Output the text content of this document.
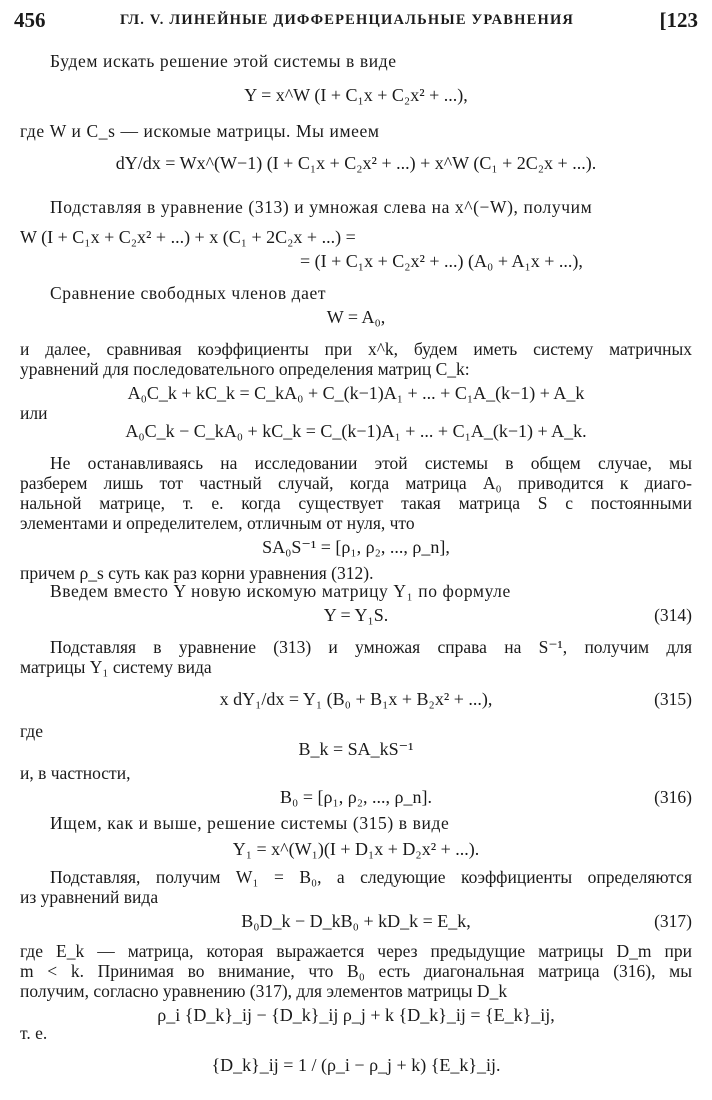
456	ГЛ. V. ЛИНЕЙНЫЕ ДИФФЕРЕНЦИАЛЬНЫЕ УРАВНЕНИЯ	[123
Будем искать решение этой системы в виде
Y = x^W (I + C₁x + C₂x² + ...),
где W и C_s — искомые матрицы. Мы имеем
dY/dx = Wx^(W−1) (I + C₁x + C₂x² + ...) + x^W (C₁ + 2C₂x + ...).
Подставляя в уравнение (313) и умножая слева на x^(−W), получим
W (I + C₁x + C₂x² + ...) + x (C₁ + 2C₂x + ...) =
= (I + C₁x + C₂x² + ...) (A₀ + A₁x + ...),
Сравнение свободных членов дает
W = A₀,
и далее, сравнивая коэффициенты при x^k, будем иметь систему матричных
уравнений для последовательного определения матриц C_k:
A₀C_k + kC_k = C_kA₀ + C_(k−1)A₁ + ... + C₁A_(k−1) + A_k
или
A₀C_k − C_kA₀ + kC_k = C_(k−1)A₁ + ... + C₁A_(k−1) + A_k.
Не останавливаясь на исследовании этой системы в общем случае, мы
разберем лишь тот частный случай, когда матрица A₀ приводится к диаго-
нальной матрице, т. е. когда существует такая матрица S с постоянными
элементами и определителем, отличным от нуля, что
SA₀S⁻¹ = [ρ₁, ρ₂, ..., ρ_n],
причем ρ_s суть как раз корни уравнения (312).
Введем вместо Y новую искомую матрицу Y₁ по формуле
Y = Y₁S.	(314)
Подставляя в уравнение (313) и умножая справа на S⁻¹, получим для
матрицы Y₁ систему вида
x dY₁/dx = Y₁ (B₀ + B₁x + B₂x² + ...),	(315)
где
B_k = SA_kS⁻¹
и, в частности,
B₀ = [ρ₁, ρ₂, ..., ρ_n].	(316)
Ищем, как и выше, решение системы (315) в виде
Y₁ = x^(W₁)(I + D₁x + D₂x² + ...).
Подставляя, получим W₁ = B₀, а следующие коэффициенты определяются
из уравнений вида
B₀D_k − D_kB₀ + kD_k = E_k,	(317)
где E_k — матрица, которая выражается через предыдущие матрицы D_m при
m < k. Принимая во внимание, что B₀ есть диагональная матрица (316), мы
получим, согласно уравнению (317), для элементов матрицы D_k
ρ_i {D_k}_ij − {D_k}_ij ρ_j + k {D_k}_ij = {E_k}_ij,
т. е.
{D_k}_ij = 1 / (ρ_i − ρ_j + k) {E_k}_ij.
